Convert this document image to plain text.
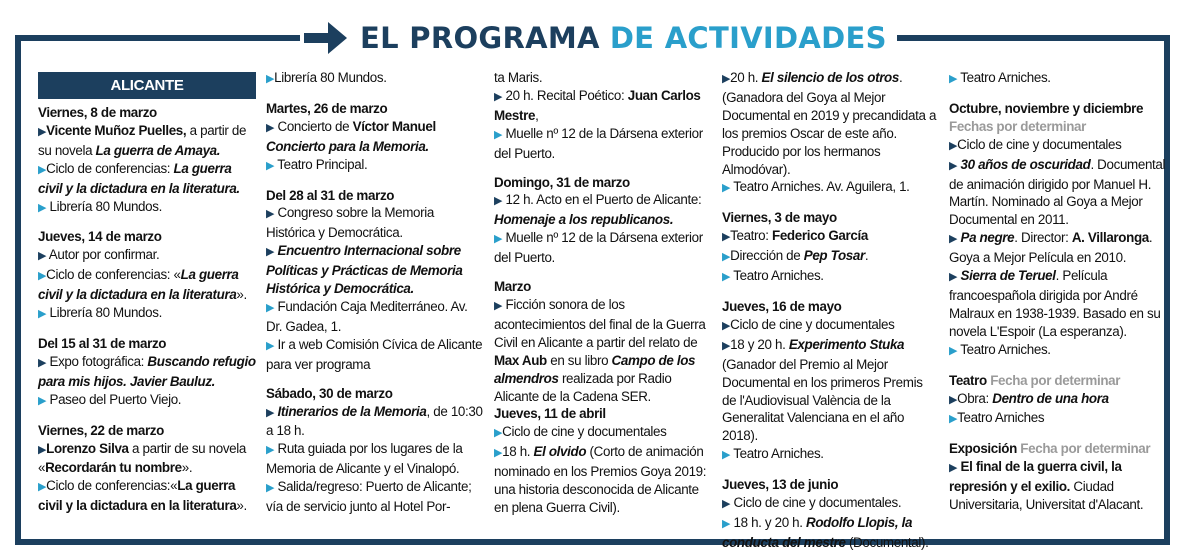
EL PROGRAMA DE ACTIVIDADES
ALICANTE
Viernes, 8 de marzo
▶Vicente Muñoz Puelles, a partir de su novela La guerra de Amaya.
▶Ciclo de conferencias: La guerra civil y la dictadura en la literatura.
▶ Librería 80 Mundos.
Jueves, 14 de marzo
▶ Autor por confirmar.
▶Ciclo de conferencias: «La guerra civil y la dictadura en la literatura».
▶ Librería 80 Mundos.
Del 15 al 31 de marzo
▶ Expo fotográfica: Buscando refugio para mis hijos. Javier Bauluz.
▶ Paseo del Puerto Viejo.
Viernes, 22 de marzo
▶Lorenzo Silva a partir de su novela «Recordarán tu nombre».
▶Ciclo de conferencias:«La guerra civil y la dictadura en la literatura».
▶Librería 80 Mundos.
Martes, 26 de marzo
▶ Concierto de Víctor Manuel Concierto para la Memoria.
▶ Teatro Principal.
Del 28 al 31 de marzo
▶ Congreso sobre la Memoria Histórica y Democrática.
▶ Encuentro Internacional sobre Políticas y Prácticas de Memoria Histórica y Democrática.
▶ Fundación Caja Mediterráneo. Av. Dr. Gadea, 1.
▶ Ir a web Comisión Cívica de Alicante para ver programa
Sábado, 30 de marzo
▶ Itinerarios de la Memoria, de 10:30 a 18 h.
▶ Ruta guiada por los lugares de la Memoria de Alicante y el Vinalopó.
▶ Salida/regreso: Puerto de Alicante; vía de servicio junto al Hotel Por-
ta Maris.
▶ 20 h. Recital Poético: Juan Carlos Mestre,
▶ Muelle nº 12 de la Dársena exterior del Puerto.
Domingo, 31 de marzo
▶ 12 h. Acto en el Puerto de Alicante: Homenaje a los republicanos.
▶ Muelle nº 12 de la Dársena exterior del Puerto.
Marzo
▶ Ficción sonora de los acontecimientos del final de la Guerra Civil en Alicante a partir del relato de Max Aub en su libro Campo de los almendros realizada por Radio Alicante de la Cadena SER.
Jueves, 11 de abril
▶Ciclo de cine y documentales
▶18 h. El olvido (Corto de animación nominado en los Premios Goya 2019: una historia desconocida de Alicante en plena Guerra Civil).
▶20 h. El silencio de los otros. (Ganadora del Goya al Mejor Documental en 2019 y precandidata a los premios Oscar de este año. Producido por los hermanos Almodóvar).
▶ Teatro Arniches. Av. Aguilera, 1.
Viernes, 3 de mayo
▶Teatro: Federico García
▶Dirección de Pep Tosar.
▶ Teatro Arniches.
Jueves, 16 de mayo
▶Ciclo de cine y documentales
▶18 y 20 h. Experimento Stuka
(Ganador del Premio al Mejor Documental en los primeros Premis de l'Audiovisual València de la Generalitat Valenciana en el año 2018).
▶ Teatro Arniches.
Jueves, 13 de junio
▶ Ciclo de cine y documentales.
▶ 18 h. y 20 h. Rodolfo Llopis, la conducta del mestre (Documental).
▶ Teatro Arniches.
Octubre, noviembre y diciembre
Fechas por determinar
▶Ciclo de cine y documentales
▶ 30 años de oscuridad. Documental de animación dirigido por Manuel H. Martín. Nominado al Goya a Mejor Documental en 2011.
▶ Pa negre. Director: A. Villaronga. Goya a Mejor Película en 2010.
▶ Sierra de Teruel. Película francoespañola dirigida por André Malraux en 1938-1939. Basado en su novela L'Espoir (La esperanza).
▶ Teatro Arniches.
Teatro Fecha por determinar
▶Obra: Dentro de una hora
▶Teatro Arniches
Exposición Fecha por determinar
▶ El final de la guerra civil, la represión y el exilio. Ciudad Universitaria, Universitat d'Alacant.
